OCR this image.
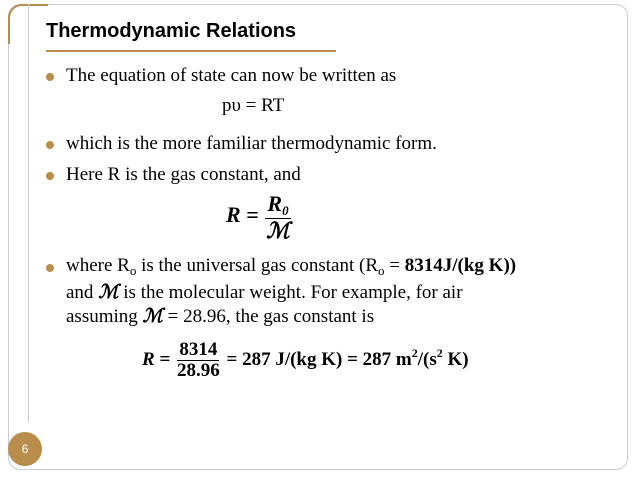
Thermodynamic Relations
The equation of state can now be written as
pυ = RT
which is the more familiar thermodynamic form.
Here R is the gas constant, and
$R = \frac{R_0}{\text{ℳ}}$
where $R_o$ is the universal gas constant ($R_o = 8314J/(kg$ K))
and ℳ is the molecular weight. For example, for air
assuming ℳ = 28.96, the gas constant is
$R = \frac{8314}{28.96} = 287$ J/(kg K) = 287 $m^2/(s^2$ K)
6
